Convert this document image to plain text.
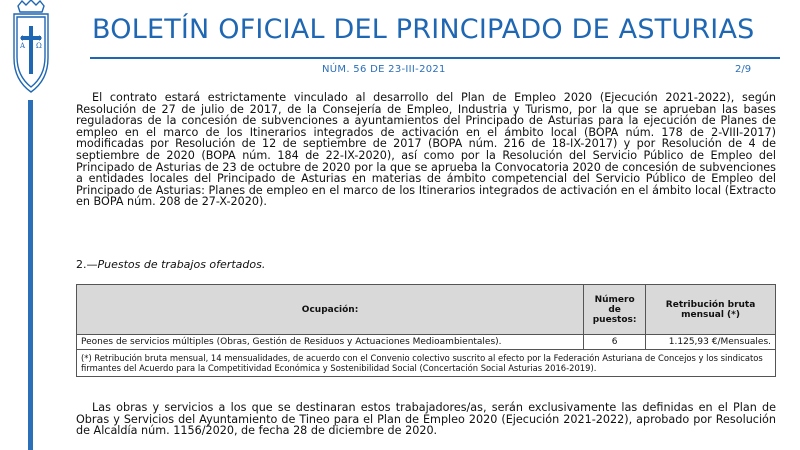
A Ω
BOLETÍN OFICIAL DEL PRINCIPADO DE ASTURIAS
NÚM. 56 DE 23-III-2021	2/9
El contrato estará estrictamente vinculado al desarrollo del Plan de Empleo 2020 (Ejecución 2021-2022), según Resolución de 27 de julio de 2017, de la Consejería de Empleo, Industria y Turismo, por la que se aprueban las bases reguladoras de la concesión de subvenciones a ayuntamientos del Principado de Asturias para la ejecución de Planes de empleo en el marco de los Itinerarios integrados de activación en el ámbito local (BOPA núm. 178 de 2-VIII-2017) modificadas por Resolución de 12 de septiembre de 2017 (BOPA núm. 216 de 18-IX-2017) y por Resolución de 4 de septiembre de 2020 (BOPA núm. 184 de 22-IX-2020), así como por la Resolución del Servicio Público de Empleo del Principado de Asturias de 23 de octubre de 2020 por la que se aprueba la Convocatoria 2020 de concesión de subvenciones a entidades locales del Principado de Asturias en materias de ámbito competencial del Servicio Público de Empleo del Principado de Asturias: Planes de empleo en el marco de los Itinerarios integrados de activación en el ámbito local (Extracto en BOPA núm. 208 de 27-X-2020).
2.—Puestos de trabajos ofertados.
Ocupación:	Número de puestos:	Retribución bruta mensual (*)
Peones de servicios múltiples (Obras, Gestión de Residuos y Actuaciones Medioambientales).	6	1.125,93 €/Mensuales.
(*) Retribución bruta mensual, 14 mensualidades, de acuerdo con el Convenio colectivo suscrito al efecto por la Federación Asturiana de Concejos y los sindicatos firmantes del Acuerdo para la Competitividad Económica y Sostenibilidad Social (Concertación Social Asturias 2016-2019).		
Las obras y servicios a los que se destinaran estos trabajadores/as, serán exclusivamente las definidas en el Plan de Obras y Servicios del Ayuntamiento de Tineo para el Plan de Empleo 2020 (Ejecución 2021-2022), aprobado por Resolución de Alcaldía núm. 1156/2020, de fecha 28 de diciembre de 2020.
